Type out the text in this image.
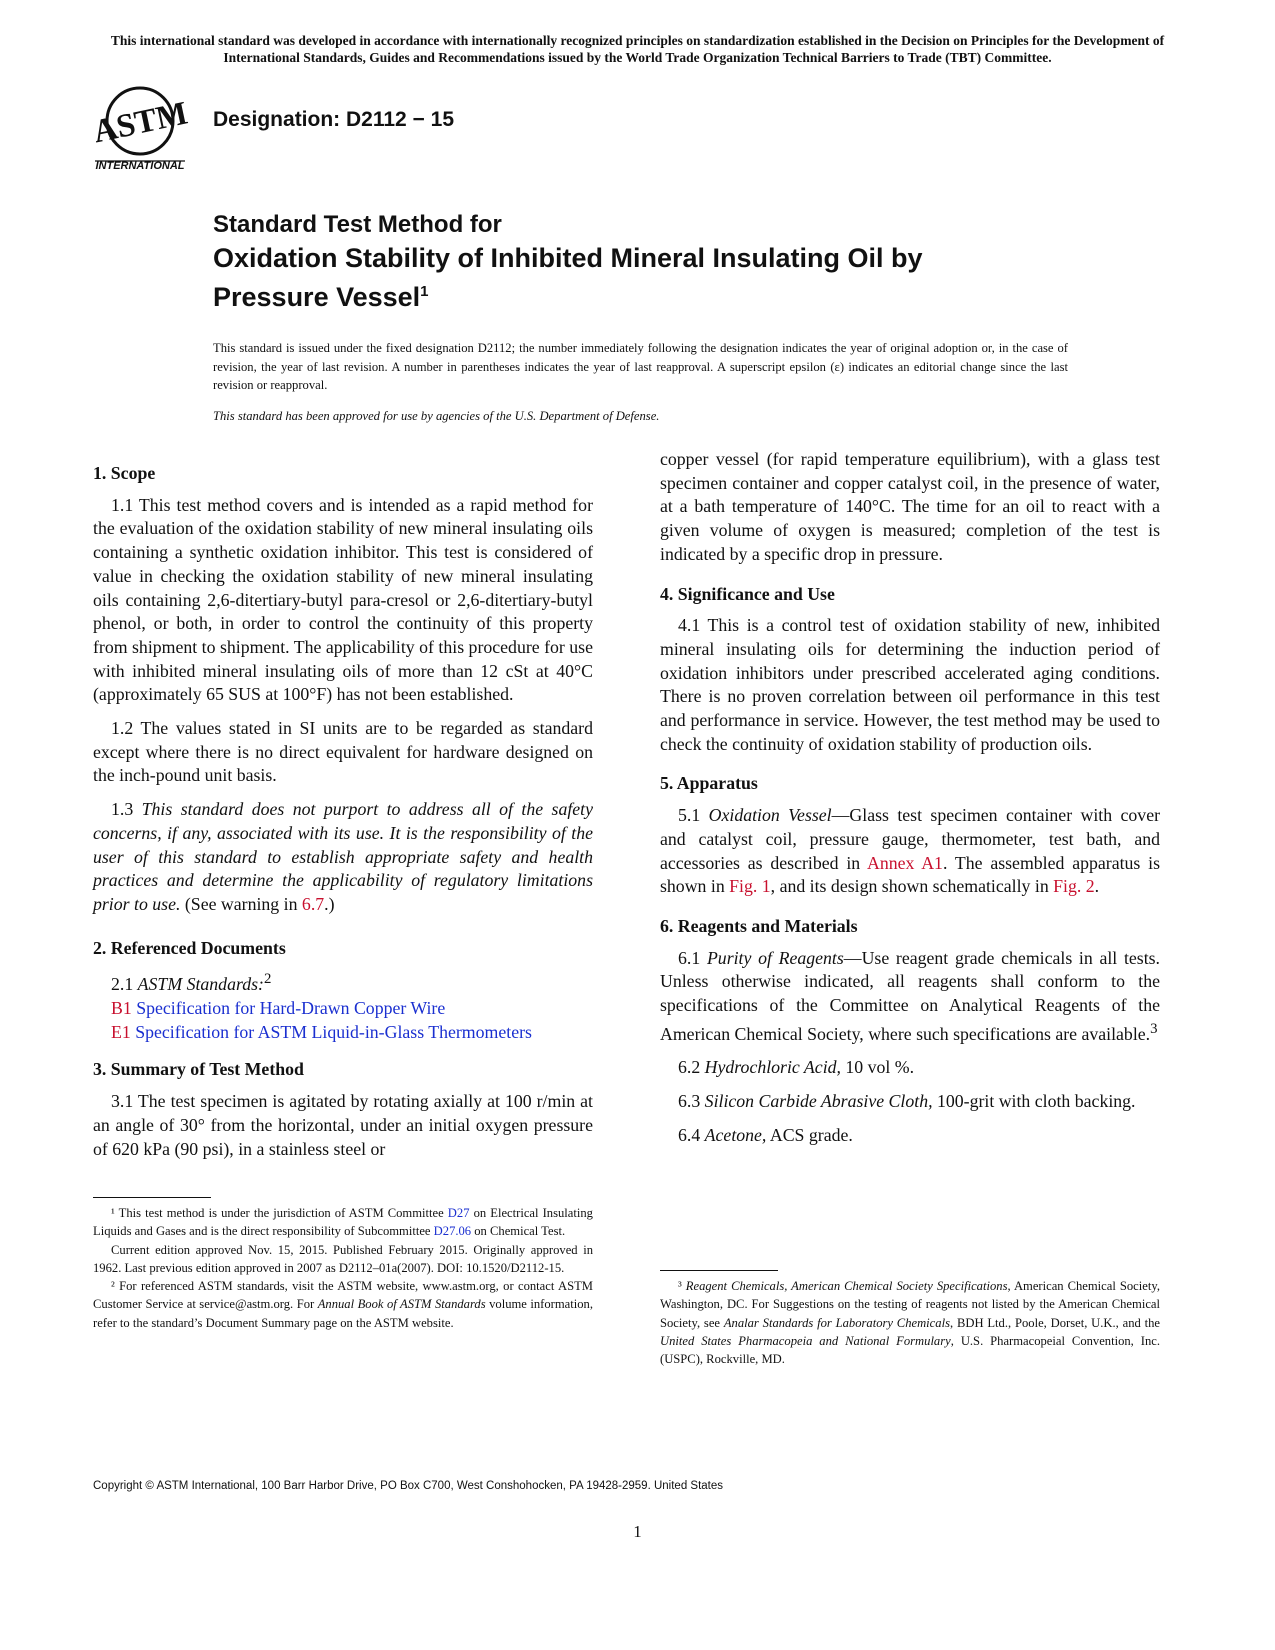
This international standard was developed in accordance with internationally recognized principles on standardization established in the Decision on Principles for the Development of International Standards, Guides and Recommendations issued by the World Trade Organization Technical Barriers to Trade (TBT) Committee.
ASTM
INTERNATIONAL
Designation: D2112 − 15
Standard Test Method for
Oxidation Stability of Inhibited Mineral Insulating Oil by Pressure Vessel$^1$
This standard is issued under the fixed designation D2112; the number immediately following the designation indicates the year of original adoption or, in the case of revision, the year of last revision. A number in parentheses indicates the year of last reapproval. A superscript epsilon (ε) indicates an editorial change since the last revision or reapproval.
This standard has been approved for use by agencies of the U.S. Department of Defense.
1. Scope

1.1 This test method covers and is intended as a rapid method for the evaluation of the oxidation stability of new mineral insulating oils containing a synthetic oxidation inhibitor. This test is considered of value in checking the oxidation stability of new mineral insulating oils containing 2,6-ditertiary-butyl para-cresol or 2,6-ditertiary-butyl phenol, or both, in order to control the continuity of this property from shipment to shipment. The applicability of this procedure for use with inhibited mineral insulating oils of more than 12 cSt at 40°C (approximately 65 SUS at 100°F) has not been established.

1.2 The values stated in SI units are to be regarded as standard except where there is no direct equivalent for hardware designed on the inch-pound unit basis.

1.3 This standard does not purport to address all of the safety concerns, if any, associated with its use. It is the responsibility of the user of this standard to establish appropriate safety and health practices and determine the applicability of regulatory limitations prior to use. (See warning in 6.7.)

2. Referenced Documents

2.1 ASTM Standards:$^2$

B1 Specification for Hard-Drawn Copper Wire

E1 Specification for ASTM Liquid-in-Glass Thermometers

3. Summary of Test Method

3.1 The test specimen is agitated by rotating axially at 100 r/min at an angle of 30° from the horizontal, under an initial oxygen pressure of 620 kPa (90 psi), in a stainless steel or

copper vessel (for rapid temperature equilibrium), with a glass test specimen container and copper catalyst coil, in the presence of water, at a bath temperature of 140°C. The time for an oil to react with a given volume of oxygen is measured; completion of the test is indicated by a specific drop in pressure.

4. Significance and Use

4.1 This is a control test of oxidation stability of new, inhibited mineral insulating oils for determining the induction period of oxidation inhibitors under prescribed accelerated aging conditions. There is no proven correlation between oil performance in this test and performance in service. However, the test method may be used to check the continuity of oxidation stability of production oils.

5. Apparatus

5.1 Oxidation Vessel—Glass test specimen container with cover and catalyst coil, pressure gauge, thermometer, test bath, and accessories as described in Annex A1. The assembled apparatus is shown in Fig. 1, and its design shown schematically in Fig. 2.

6. Reagents and Materials

6.1 Purity of Reagents—Use reagent grade chemicals in all tests. Unless otherwise indicated, all reagents shall conform to the specifications of the Committee on Analytical Reagents of the American Chemical Society, where such specifications are available.$^3$

6.2 Hydrochloric Acid, 10 vol %.

6.3 Silicon Carbide Abrasive Cloth, 100-grit with cloth backing.

6.4 Acetone, ACS grade.

¹ This test method is under the jurisdiction of ASTM Committee D27 on Electrical Insulating Liquids and Gases and is the direct responsibility of Subcommittee D27.06 on Chemical Test.

Current edition approved Nov. 15, 2015. Published February 2015. Originally approved in 1962. Last previous edition approved in 2007 as D2112–01a(2007). DOI: 10.1520/D2112-15.

² For referenced ASTM standards, visit the ASTM website, www.astm.org, or contact ASTM Customer Service at service@astm.org. For Annual Book of ASTM Standards volume information, refer to the standard’s Document Summary page on the ASTM website.

³ Reagent Chemicals, American Chemical Society Specifications, American Chemical Society, Washington, DC. For Suggestions on the testing of reagents not listed by the American Chemical Society, see Analar Standards for Laboratory Chemicals, BDH Ltd., Poole, Dorset, U.K., and the United States Pharmacopeia and National Formulary, U.S. Pharmacopeial Convention, Inc. (USPC), Rockville, MD.

Copyright © ASTM International, 100 Barr Harbor Drive, PO Box C700, West Conshohocken, PA 19428-2959. United States
1
